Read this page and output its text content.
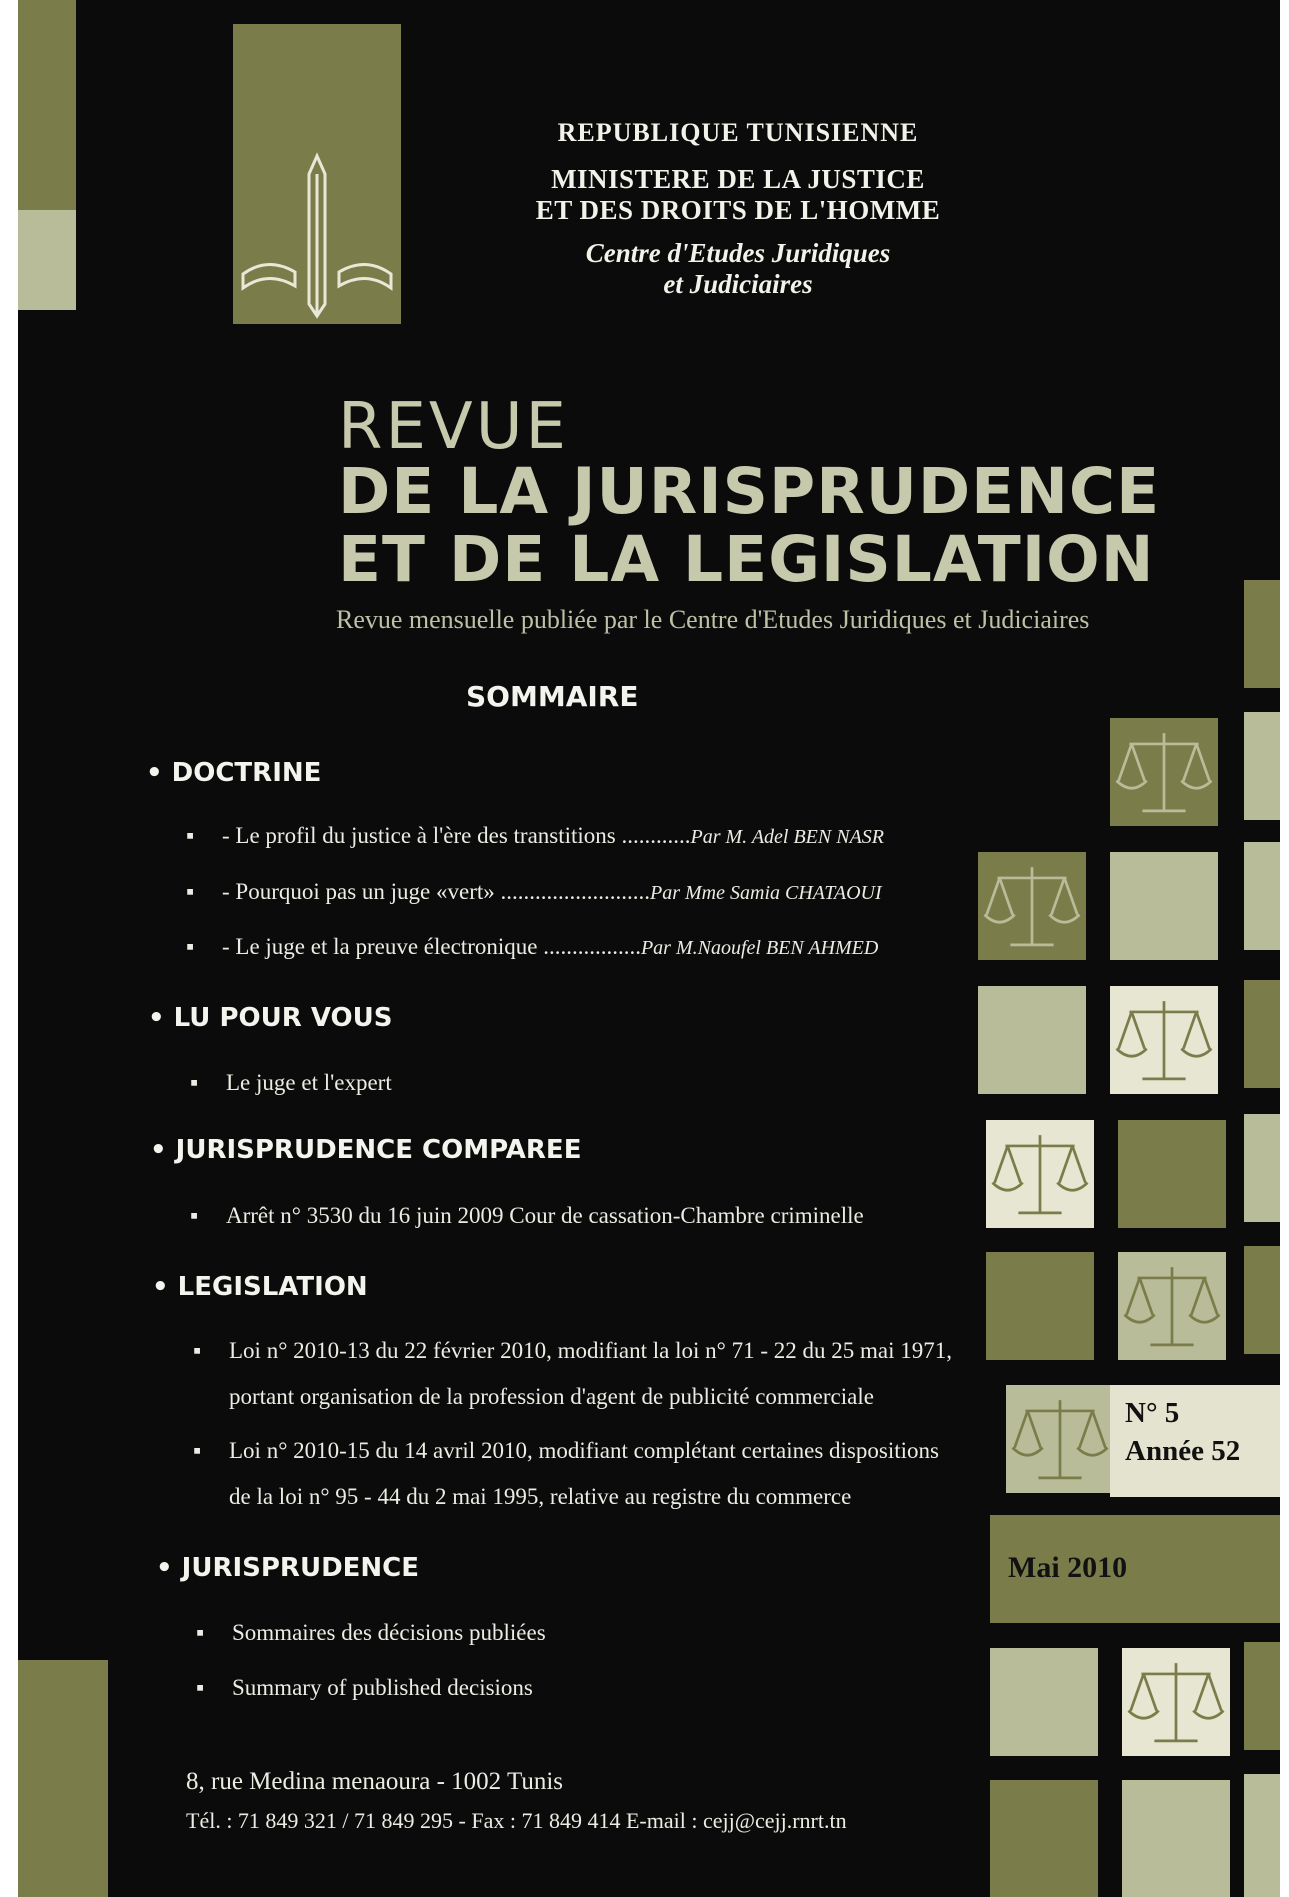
REPUBLIQUE TUNISIENNE
MINISTERE DE LA JUSTICE
ET DES DROITS DE L'HOMME
Centre d'Etudes Juridiques
et Judiciaires
REVUE
DE LA JURISPRUDENCE
ET DE LA LEGISLATION
Revue mensuelle publiée par le Centre d'Etudes Juridiques et Judiciaires
SOMMAIRE
• DOCTRINE
▪ - Le profil du justice à l'ère des transtitions ............Par M. Adel BEN NASR
▪ - Pourquoi pas un juge «vert» ..........................Par Mme Samia CHATAOUI
▪ - Le juge et la preuve électronique .................Par M.Naoufel BEN AHMED
• LU POUR VOUS
▪ Le juge et l'expert
• JURISPRUDENCE COMPAREE
▪ Arrêt n° 3530 du 16 juin 2009 Cour de cassation-Chambre criminelle
• LEGISLATION
▪ Loi n° 2010-13 du 22 février 2010, modifiant la loi n° 71 - 22 du 25 mai 1971,
portant organisation de la profession d'agent de publicité commerciale
▪ Loi n° 2010-15 du 14 avril 2010, modifiant complétant certaines dispositions
de la loi n° 95 - 44 du 2 mai 1995, relative au registre du commerce
• JURISPRUDENCE
▪ Sommaires des décisions publiées
▪ Summary of published decisions
N° 5
Année 52
Mai 2010
8, rue Medina menaoura - 1002 Tunis
Tél. : 71 849 321 / 71 849 295 - Fax : 71 849 414 E-mail : cejj@cejj.rnrt.tn
